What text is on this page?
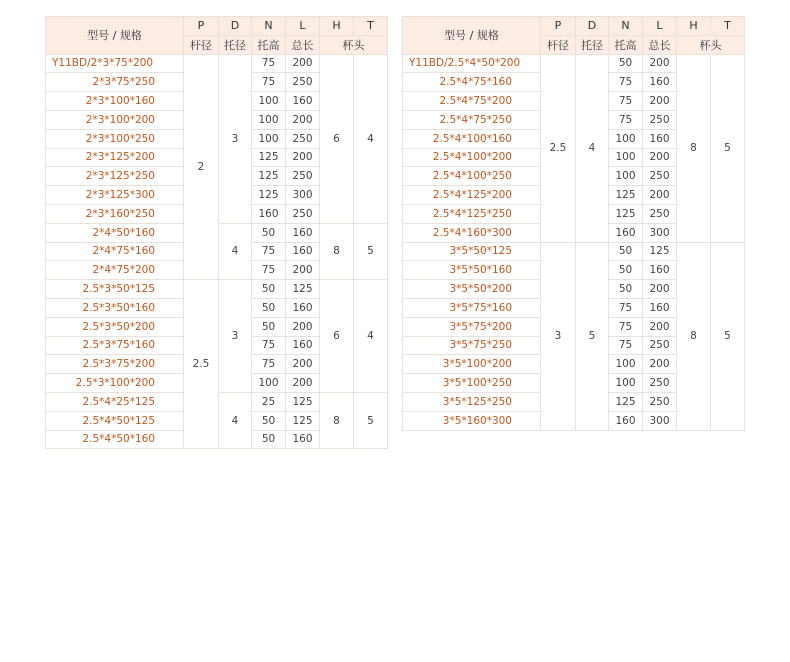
型号 / 规格	P	D	N	L	H	T
	杆径	托径	托高	总长	杯头	
Y11BD/2*3*75*200	2	3	75	200	6	4
2*3*75*250			75	250		
2*3*100*160			100	160		
2*3*100*200			100	200		
2*3*100*250			100	250		
2*3*125*200			125	200		
2*3*125*250			125	250		
2*3*125*300			125	300		
2*3*160*250			160	250		
2*4*50*160		4	50	160	8	5
2*4*75*160			75	160		
2*4*75*200			75	200		
2.5*3*50*125	2.5	3	50	125	6	4
2.5*3*50*160			50	160		
2.5*3*50*200			50	200		
2.5*3*75*160			75	160		
2.5*3*75*200			75	200		
2.5*3*100*200			100	200		
2.5*4*25*125		4	25	125	8	5
2.5*4*50*125			50	125		
2.5*4*50*160			50	160		
型号 / 规格	P	D	N	L	H	T
	杆径	托径	托高	总长	杯头	
Y11BD/2.5*4*50*200	2.5	4	50	200	8	5
2.5*4*75*160			75	160		
2.5*4*75*200			75	200		
2.5*4*75*250			75	250		
2.5*4*100*160			100	160		
2.5*4*100*200			100	200		
2.5*4*100*250			100	250		
2.5*4*125*200			125	200		
2.5*4*125*250			125	250		
2.5*4*160*300			160	300		
3*5*50*125	3	5	50	125	8	5
3*5*50*160			50	160		
3*5*50*200			50	200		
3*5*75*160			75	160		
3*5*75*200			75	200		
3*5*75*250			75	250		
3*5*100*200			100	200		
3*5*100*250			100	250		
3*5*125*250			125	250		
3*5*160*300			160	300		
